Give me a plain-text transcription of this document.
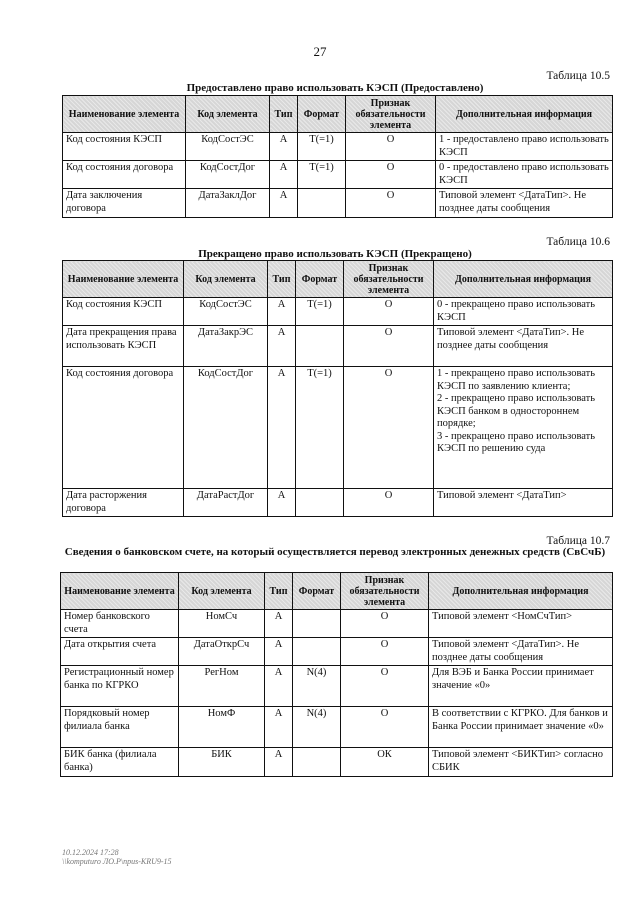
27
Таблица 10.5
Предоставлено право использовать КЭСП (Предоставлено)
Наименование элемента	Код элемента	Тип	Формат	Признак обязательности элемента	Дополнительная информация
Код состояния КЭСП	КодСостЭС	A	T(=1)	O	1 - предоставлено право использовать КЭСП
Код состояния договора	КодСостДог	A	T(=1)	O	0 - предоставлено право использовать КЭСП
Дата заключения договора	ДатаЗаклДог	A		O	Типовой элемент <ДатаТип>. Не позднее даты сообщения
Таблица 10.6
Прекращено право использовать КЭСП (Прекращено)
Наименование элемента	Код элемента	Тип	Формат	Признак обязательности элемента	Дополнительная информация
Код состояния КЭСП	КодСостЭС	A	T(=1)	O	0 - прекращено право использовать КЭСП
Дата прекращения права использовать КЭСП	ДатаЗакрЭС	A		O	Типовой элемент <ДатаТип>. Не позднее даты сообщения
Код состояния договора	КодСостДог	A	T(=1)	O	1 - прекращено право использовать КЭСП по заявлению клиента;
2 - прекращено право использовать КЭСП банком в одностороннем порядке;
3 - прекращено право использовать КЭСП по решению суда
Дата расторжения договора	ДатаРастДог	A		O	Типовой элемент <ДатаТип>
Таблица 10.7
Сведения о банковском счете, на который осуществляется перевод электронных денежных средств (СвСчБ)
Наименование элемента	Код элемента	Тип	Формат	Признак обязательности элемента	Дополнительная информация
Номер банковского счета	НомСч	A		O	Типовой элемент <НомСчТип>
Дата открытия счета	ДатаОткрСч	A		O	Типовой элемент <ДатаТип>. Не позднее даты сообщения
Регистрационный номер банка по КГРКО	РегНом	A	N(4)	O	Для ВЭБ и Банка России принимает значение «0»
Порядковый номер филиала банка	НомФ	A	N(4)	O	В соответствии с КГРКО. Для банков и Банка России принимает значение «0»
БИК банка (филиала банка)	БИК	A		ОК	Типовой элемент <БИКТип> согласно СБИК
10.12.2024 17:28
\\komputuro ЛО.P\npus-KRU9-15
